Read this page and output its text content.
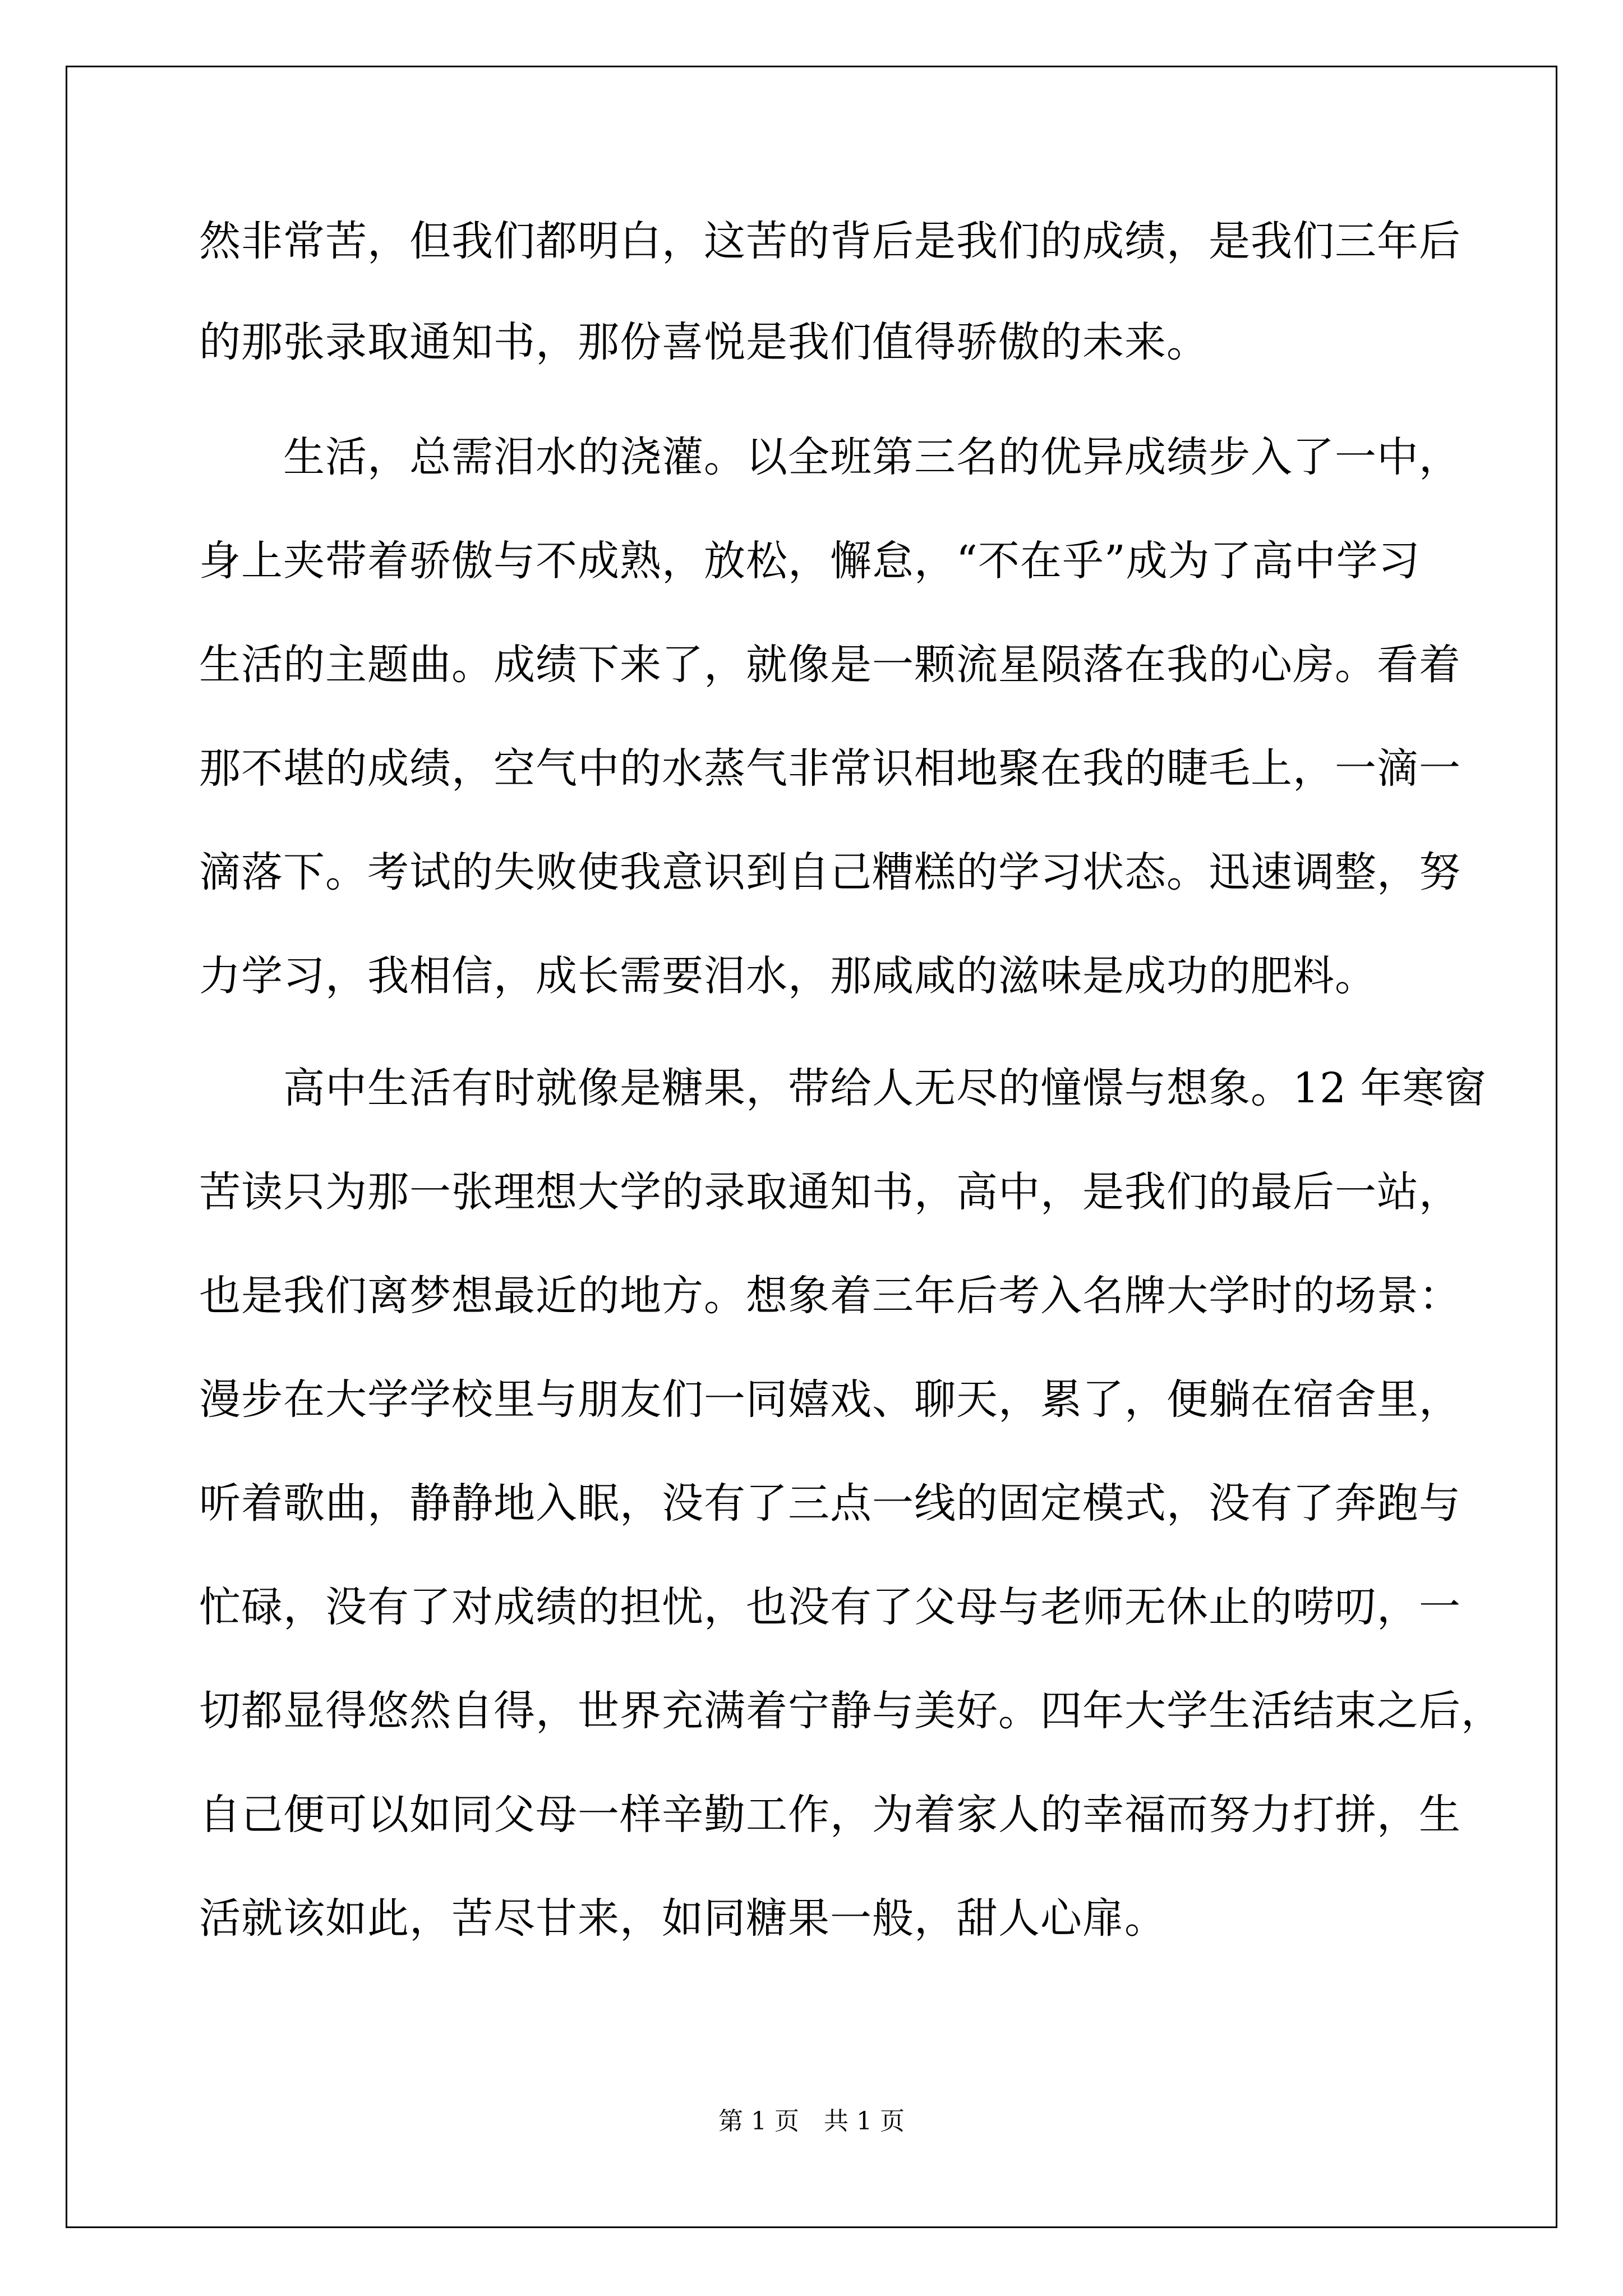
然非常苦，但我们都明白，这苦的背后是我们的成绩，是我们三年后
的那张录取通知书，那份喜悦是我们值得骄傲的未来。
　　生活，总需泪水的浇灌。以全班第三名的优异成绩步入了一中，
身上夹带着骄傲与不成熟，放松，懈怠，“不在乎”成为了高中学习
生活的主题曲。成绩下来了，就像是一颗流星陨落在我的心房。看着
那不堪的成绩，空气中的水蒸气非常识相地聚在我的睫毛上，一滴一
滴落下。考试的失败使我意识到自己糟糕的学习状态。迅速调整，努
力学习，我相信，成长需要泪水，那咸咸的滋味是成功的肥料。
　　高中生活有时就像是糖果，带给人无尽的憧憬与想象。12 年寒窗
苦读只为那一张理想大学的录取通知书，高中，是我们的最后一站，
也是我们离梦想最近的地方。想象着三年后考入名牌大学时的场景：
漫步在大学学校里与朋友们一同嬉戏、聊天，累了，便躺在宿舍里，
听着歌曲，静静地入眠，没有了三点一线的固定模式，没有了奔跑与
忙碌，没有了对成绩的担忧，也没有了父母与老师无休止的唠叨，一
切都显得悠然自得，世界充满着宁静与美好。四年大学生活结束之后，
自己便可以如同父母一样辛勤工作，为着家人的幸福而努力打拼，生
活就该如此，苦尽甘来，如同糖果一般，甜人心扉。
第 1 页　共 1 页
